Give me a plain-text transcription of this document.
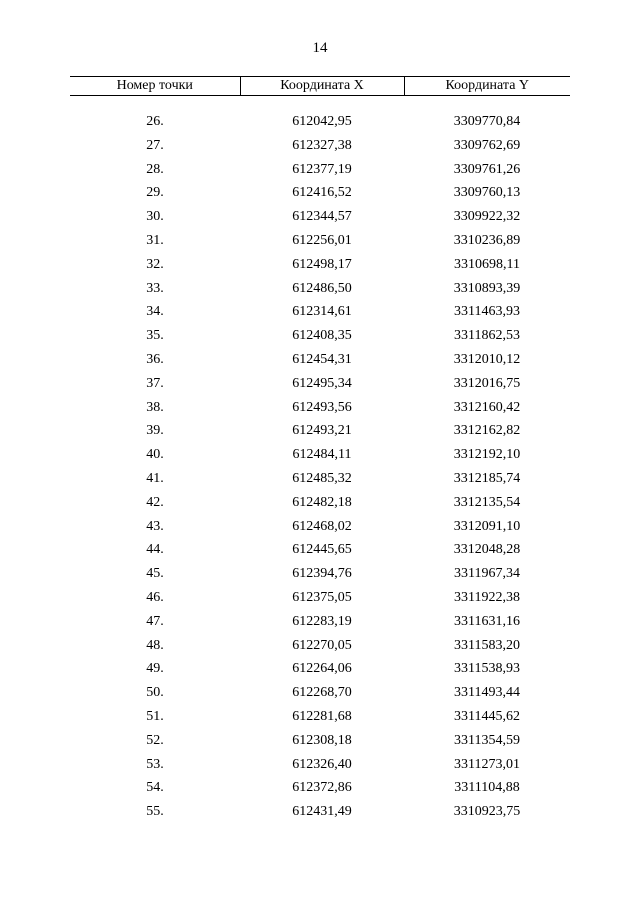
14
Номер точки	Координата X	Координата Y

26.	612042,95	3309770,84
27.	612327,38	3309762,69
28.	612377,19	3309761,26
29.	612416,52	3309760,13
30.	612344,57	3309922,32
31.	612256,01	3310236,89
32.	612498,17	3310698,11
33.	612486,50	3310893,39
34.	612314,61	3311463,93
35.	612408,35	3311862,53
36.	612454,31	3312010,12
37.	612495,34	3312016,75
38.	612493,56	3312160,42
39.	612493,21	3312162,82
40.	612484,11	3312192,10
41.	612485,32	3312185,74
42.	612482,18	3312135,54
43.	612468,02	3312091,10
44.	612445,65	3312048,28
45.	612394,76	3311967,34
46.	612375,05	3311922,38
47.	612283,19	3311631,16
48.	612270,05	3311583,20
49.	612264,06	3311538,93
50.	612268,70	3311493,44
51.	612281,68	3311445,62
52.	612308,18	3311354,59
53.	612326,40	3311273,01
54.	612372,86	3311104,88
55.	612431,49	3310923,75
